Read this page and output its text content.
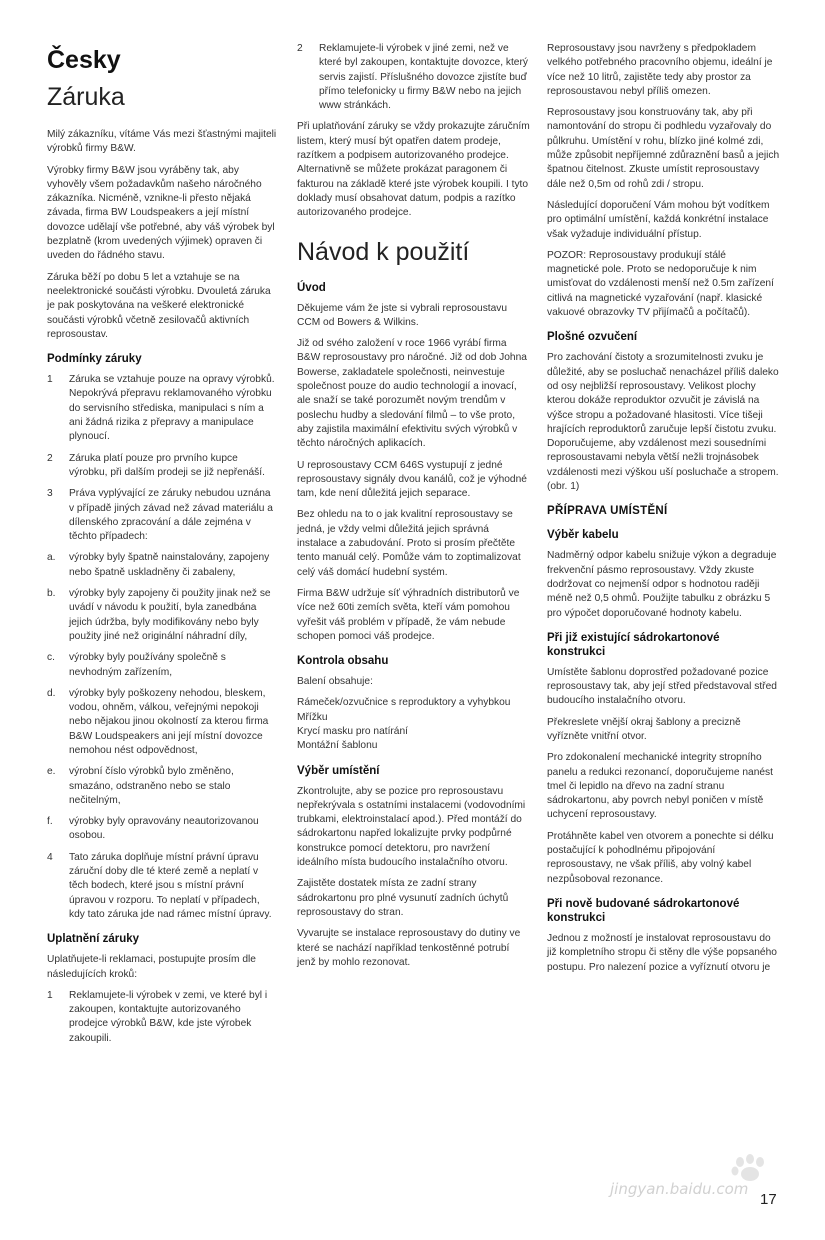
Česky
Záruka

Milý zákazníku, vítáme Vás mezi šťastnými majiteli výrobků firmy B&W.

Výrobky firmy B&W jsou vyráběny tak, aby vyhověly všem požadavkům našeho náročného zákazníka. Nicméně, vznikne-li přesto nějaká závada, firma BW Loudspeakers a její místní dovozce udělají vše potřebné, aby váš výrobek byl bezplatně (krom uvedených výjimek) opraven či uveden do řádného stavu.

Záruka běží po dobu 5 let a vztahuje se na neelektronické součásti výrobku. Dvouletá záruka je pak poskytována na veškeré elektronické součásti výrobků včetně zesilovačů aktivních reprosoustav.

Podmínky záruky
1	Záruka se vztahuje pouze na opravy výrobků. Nepokrývá přepravu reklamovaného výrobku do servisního střediska, manipulaci s ním a ani žádná rizika z přepravy a manipulace plynoucí.
2	Záruka platí pouze pro prvního kupce výrobku, při dalším prodeji se již nepřenáší.
3	Práva vyplývající ze záruky nebudou uznána v případě jiných závad než závad materiálu a dílenského zpracování a dále zejména v těchto případech:
a.	výrobky byly špatně nainstalovány, zapojeny nebo špatně uskladněny či zabaleny,
b.	výrobky byly zapojeny či použity jinak než se uvádí v návodu k použití, byla zanedbána jejich údržba, byly modifikovány nebo byly použity jiné než originální náhradní díly,
c.	výrobky byly používány společně s nevhodným zařízením,
d.	výrobky byly poškozeny nehodou, bleskem, vodou, ohněm, válkou, veřejnými nepokoji nebo nějakou jinou okolností za kterou firma B&W Loudspeakers ani její místní dovozce nemohou nést odpovědnost,
e.	výrobní číslo výrobků bylo změněno, smazáno, odstraněno nebo se stalo nečitelným,
f.	výrobky byly opravovány neautorizovanou osobou.
4	Tato záruka doplňuje místní právní úpravu záruční doby dle té které země a neplatí v těch bodech, které jsou s místní právní úpravou v rozporu. To neplatí v případech, kdy tato záruka jde nad rámec místní úpravy.
Uplatnění záruky

Uplatňujete-li reklamaci, postupujte prosím dle následujících kroků:

1	Reklamujete-li výrobek v zemi, ve které byl i zakoupen, kontaktujte autorizovaného prodejce výrobků B&W, kde jste výrobek zakoupili.
2	Reklamujete-li výrobek v jiné zemi, než ve které byl zakoupen, kontaktujte dovozce, který servis zajistí. Příslušného dovozce zjistíte buď přímo telefonicky u firmy B&W nebo na jejich www stránkách.

Při uplatňování záruky se vždy prokazujte záručním listem, který musí být opatřen datem prodeje, razítkem a podpisem autorizovaného prodejce. Alternativně se můžete prokázat paragonem či fakturou na základě které jste výrobek koupili. I tyto doklady musí obsahovat datum, podpis a razítko autorizovaného prodejce.

Návod k použití
Úvod

Děkujeme vám že jste si vybrali reprosoustavu CCM od Bowers & Wilkins.

Již od svého založení v roce 1966 vyrábí firma B&W reprosoustavy pro náročné. Již od dob Johna Bowerse, zakladatele společnosti, neinvestuje společnost pouze do audio technologií a inovací, ale snaží se také porozumět novým trendům v poslechu hudby a sledování filmů – to vše proto, aby zajistila maximální efektivitu svých výrobků v těchto náročných aplikacích.

U reprosoustavy CCM 646S vystupují z jedné reprosoustavy signály dvou kanálů, což je výhodné tam, kde není důležitá jejich separace.

Bez ohledu na to o jak kvalitní reprosoustavy se jedná, je vždy velmi důležitá jejich správná instalace a zabudování. Proto si prosím přečtěte tento manuál celý. Pomůže vám to zoptimalizovat celý váš domácí hudební systém.

Firma B&W udržuje síť výhradních distributorů ve více než 60ti zemích světa, kteří vám pomohou vyřešit váš problém v případě, že vám nebude schopen pomoci váš prodejce.

Kontrola obsahu

Balení obsahuje:

Rámeček/ozvučnice s reproduktory a vyhybkou

Mřížku

Krycí masku pro natírání

Montážní šablonu

Výběr umístění

Zkontrolujte, aby se pozice pro reprosoustavu nepřekrývala s ostatními instalacemi (vodovodními trubkami, elektroinstalací apod.). Před montáží do sádrokartonu napřed lokalizujte prvky podpůrné konstrukce pomocí detektoru, pro navržení ideálního místa budoucího instalačního otvoru.

Zajistěte dostatek místa ze zadní strany sádrokartonu pro plné vysunutí zadních úchytů reprosoustavy do stran.

Vyvarujte se instalace reprosoustavy do dutiny ve které se nachází například tenkostěnné potrubí jenž by mohlo rezonovat.

Reprosoustavy jsou navrženy s předpokladem velkého potřebného pracovního objemu, ideální je více než 10 litrů, zajistěte tedy aby prostor za reprosoustavou nebyl příliš omezen.

Reprosoustavy jsou konstruovány tak, aby při namontování do stropu či podhledu vyzařovaly do půlkruhu. Umístění v rohu, blízko jiné kolmé zdi, může způsobit nepříjemné zdůraznění basů a jejich špatnou čitelnost. Zkuste umístit reprosoustavy dále než 0,5m od rohů zdi / stropu.

Následující doporučení Vám mohou být vodítkem pro optimální umístění, každá konkrétní instalace však vyžaduje individuální přístup.

POZOR: Reprosoustavy produkují stálé magnetické pole. Proto se nedoporučuje k nim umisťovat do vzdálenosti menší než 0.5m zařízení citlivá na magnetické vyzařování (např. klasické vakuové obrazovky TV přijímačů a počítačů).

Plošné ozvučení

Pro zachování čistoty a srozumitelnosti zvuku je důležité, aby se posluchač nenacházel příliš daleko od osy nejbližší reprosoustavy. Velikost plochy kterou dokáže reproduktor ozvučit je závislá na výšce stropu a požadované hlasitosti. Více tišeji hrajících reproduktorů zaručuje lepší čistotu zvuku. Doporučujeme, aby vzdálenost mezi sousedními reprosoustavami nebyla větší nežli trojnásobek vzdálenosti mezi výškou uší posluchače a stropem. (obr. 1)

PŘÍPRAVA UMÍSTĚNÍ
Výběr kabelu

Nadměrný odpor kabelu snižuje výkon a degraduje frekvenční pásmo reprosoustavy. Vždy zkuste dodržovat co nejmenší odpor s hodnotou raději méně než 0,5 ohmů. Použijte tabulku z obrázku 5 pro výpočet doporučované hodnoty kabelu.

Při již existující sádrokartonové konstrukci

Umístěte šablonu doprostřed požadované pozice reprosoustavy tak, aby její střed představoval střed budoucího instalačního otvoru.

Překreslete vnější okraj šablony a precizně vyřízněte vnitřní otvor.

Pro zdokonalení mechanické integrity stropního panelu a redukci rezonancí, doporučujeme nanést tmel či lepidlo na dřevo na zadní stranu sádrokartonu, aby povrch nebyl poničen v místě uchycení reprosoustavy.

Protáhněte kabel ven otvorem a ponechte si délku postačující k pohodlnému připojování reprosoustavy, ne však příliš, aby volný kabel nezpůsoboval rezonance.

Při nově budované sádrokartonové konstrukci

Jednou z možností je instalovat reprosoustavu do již kompletního stropu či stěny dle výše popsaného postupu. Pro nalezení pozice a vyříznutí otvoru je

jingyan.baidu.com
17
